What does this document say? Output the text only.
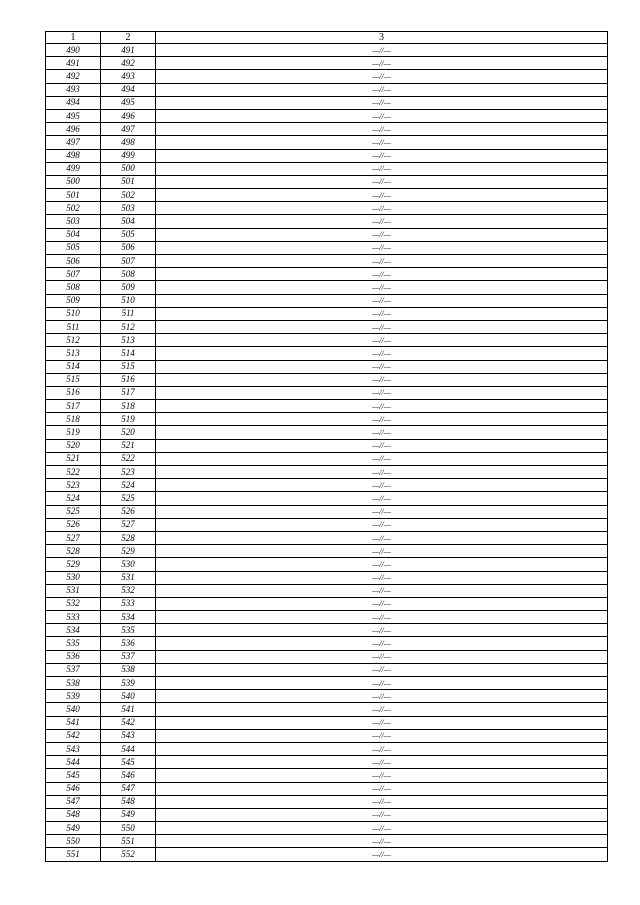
1	2	3
490	491	—//—
491	492	—//—
492	493	—//—
493	494	—//—
494	495	—//—
495	496	—//—
496	497	—//—
497	498	—//—
498	499	—//—
499	500	—//—
500	501	—//—
501	502	—//—
502	503	—//—
503	504	—//—
504	505	—//—
505	506	—//—
506	507	—//—
507	508	—//—
508	509	—//—
509	510	—//—
510	511	—//—
511	512	—//—
512	513	—//—
513	514	—//—
514	515	—//—
515	516	—//—
516	517	—//—
517	518	—//—
518	519	—//—
519	520	—//—
520	521	—//—
521	522	—//—
522	523	—//—
523	524	—//—
524	525	—//—
525	526	—//—
526	527	—//—
527	528	—//—
528	529	—//—
529	530	—//—
530	531	—//—
531	532	—//—
532	533	—//—
533	534	—//—
534	535	—//—
535	536	—//—
536	537	—//—
537	538	—//—
538	539	—//—
539	540	—//—
540	541	—//—
541	542	—//—
542	543	—//—
543	544	—//—
544	545	—//—
545	546	—//—
546	547	—//—
547	548	—//—
548	549	—//—
549	550	—//—
550	551	—//—
551	552	—//—
